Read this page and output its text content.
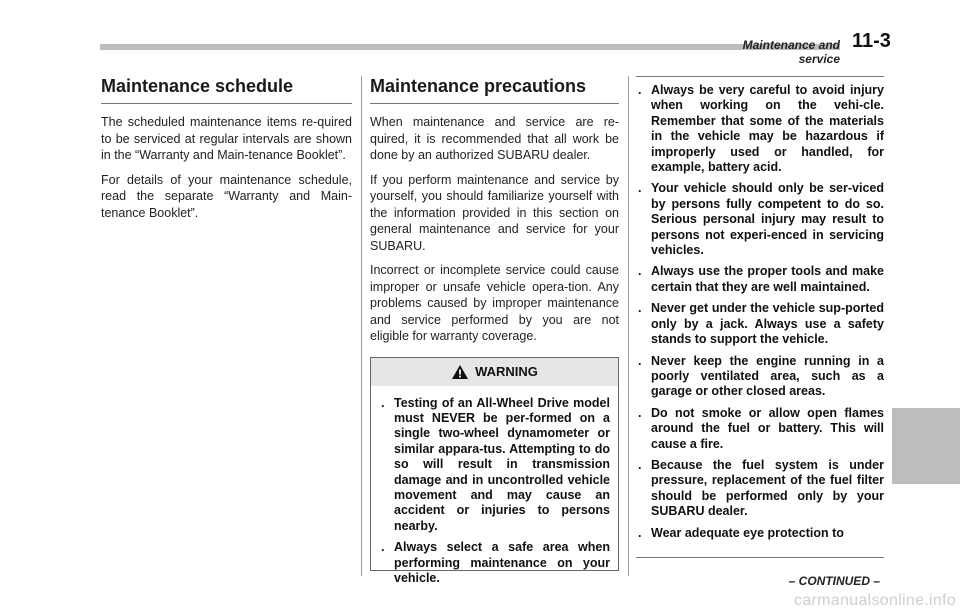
Maintenance and service
11-3
Maintenance schedule

The scheduled maintenance items re-quired to be serviced at regular intervals are shown in the “Warranty and Main-tenance Booklet”.

For details of your maintenance schedule, read the separate “Warranty and Main-tenance Booklet”.

Maintenance precautions

When maintenance and service are re-quired, it is recommended that all work be done by an authorized SUBARU dealer.

If you perform maintenance and service by yourself, you should familiarize yourself with the information provided in this section on general maintenance and service for your SUBARU.

Incorrect or incomplete service could cause improper or unsafe vehicle opera-tion. Any problems caused by improper maintenance and service performed by you are not eligible for warranty coverage.

WARNING
. Testing of an All-Wheel Drive model must NEVER be per-formed on a single two-wheel dynamometer or similar appara-tus. Attempting to do so will result in transmission damage and in uncontrolled vehicle movement and may cause an accident or injuries to persons nearby.
. Always select a safe area when performing maintenance on your vehicle.
. Always be very careful to avoid injury when working on the vehi-cle. Remember that some of the materials in the vehicle may be hazardous if improperly used or handled, for example, battery acid.
. Your vehicle should only be ser-viced by persons fully competent to do so. Serious personal injury may result to persons not experi-enced in servicing vehicles.
. Always use the proper tools and make certain that they are well maintained.
. Never get under the vehicle sup-ported only by a jack. Always use a safety stands to support the vehicle.
. Never keep the engine running in a poorly ventilated area, such as a garage or other closed areas.
. Do not smoke or allow open flames around the fuel or battery. This will cause a fire.
. Because the fuel system is under pressure, replacement of the fuel filter should be performed only by your SUBARU dealer.
. Wear adequate eye protection to
– CONTINUED –
carmanualsonline.info
